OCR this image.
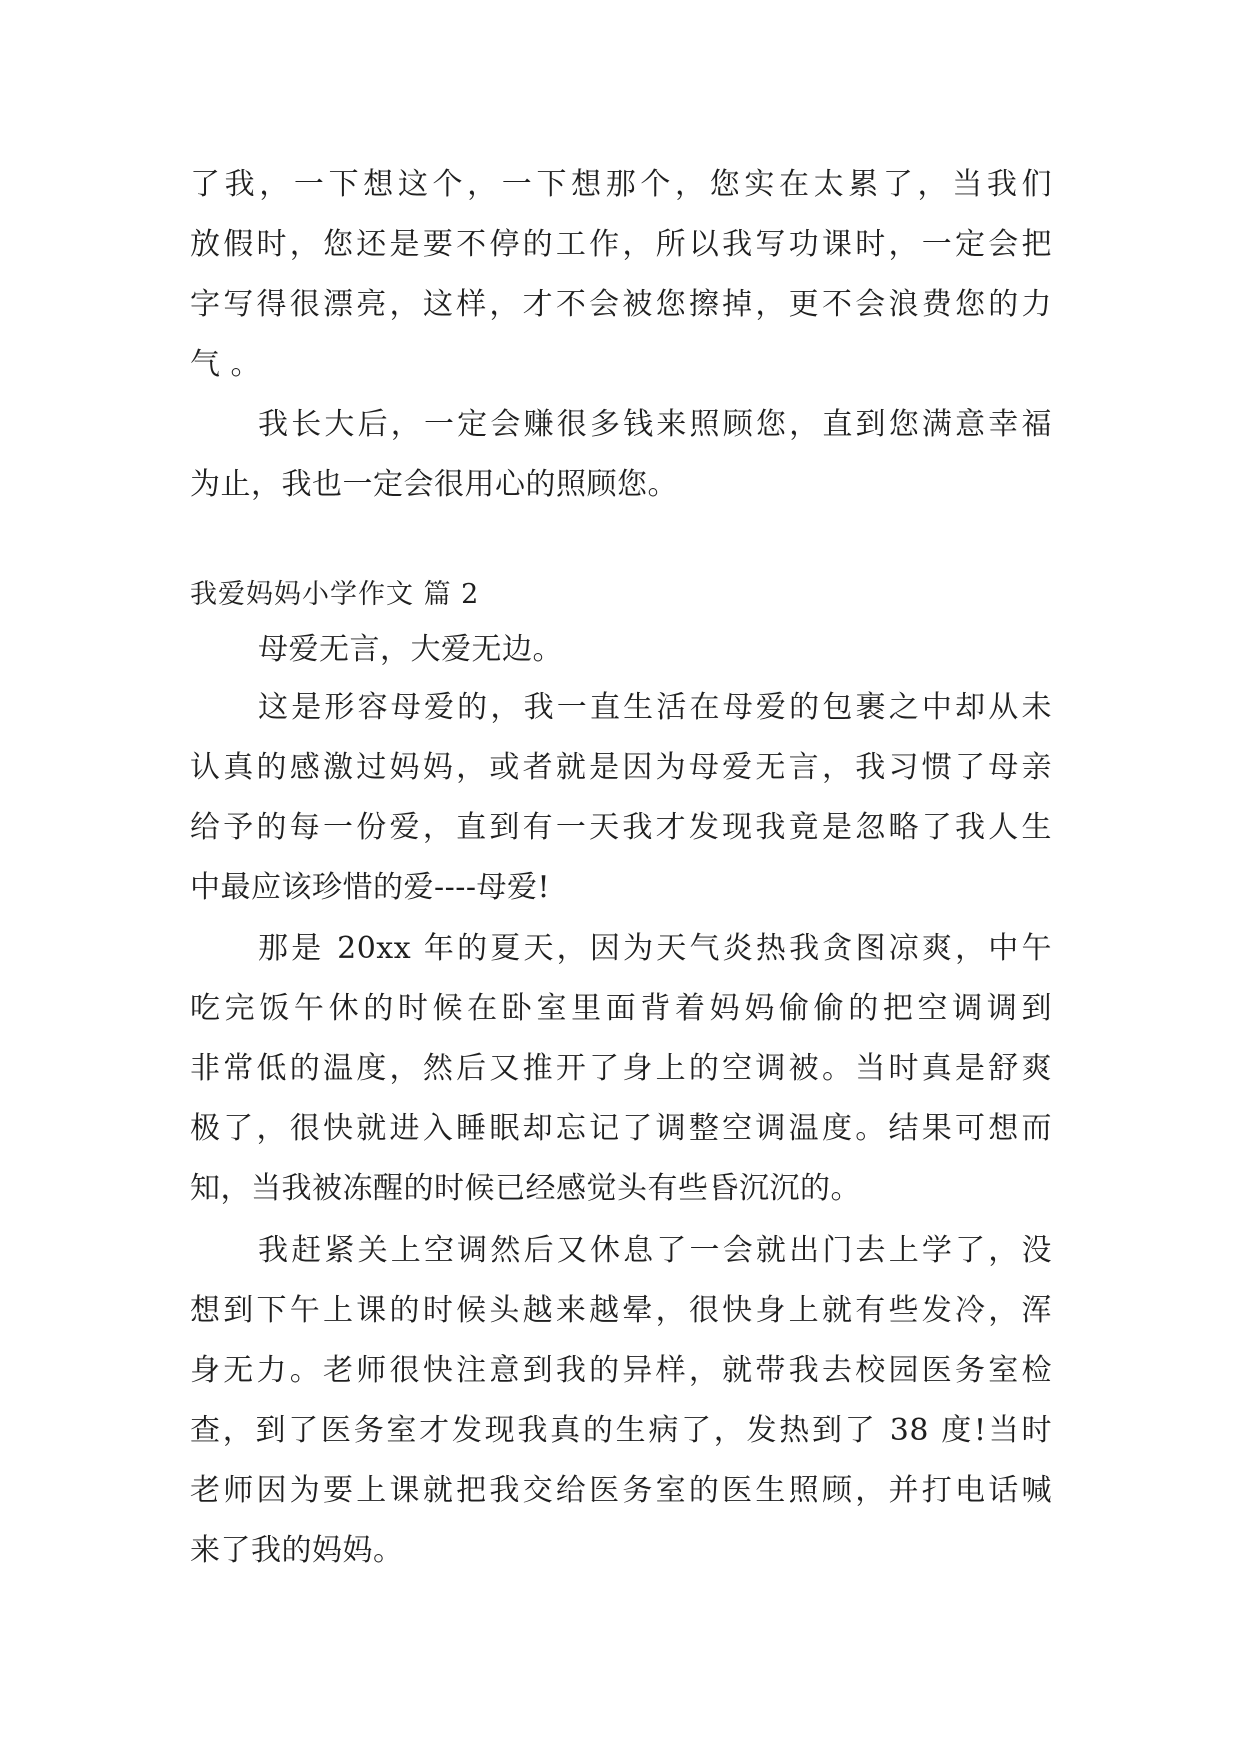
了我，一下想这个，一下想那个，您实在太累了，当我们
放假时，您还是要不停的工作，所以我写功课时，一定会把
字写得很漂亮，这样，才不会被您擦掉，更不会浪费您的力
气 。
我长大后，一定会赚很多钱来照顾您，直到您满意幸福
为止，我也一定会很用心的照顾您。
我爱妈妈小学作文 篇 2
母爱无言，大爱无边。
这是形容母爱的，我一直生活在母爱的包裹之中却从未
认真的感激过妈妈，或者就是因为母爱无言，我习惯了母亲
给予的每一份爱，直到有一天我才发现我竟是忽略了我人生
中最应该珍惜的爱----母爱!
那是 20xx 年的夏天，因为天气炎热我贪图凉爽，中午
吃完饭午休的时候在卧室里面背着妈妈偷偷的把空调调到
非常低的温度，然后又推开了身上的空调被。当时真是舒爽
极了，很快就进入睡眠却忘记了调整空调温度。结果可想而
知，当我被冻醒的时候已经感觉头有些昏沉沉的。
我赶紧关上空调然后又休息了一会就出门去上学了，没
想到下午上课的时候头越来越晕，很快身上就有些发冷，浑
身无力。老师很快注意到我的异样，就带我去校园医务室检
查，到了医务室才发现我真的生病了，发热到了 38 度!当时
老师因为要上课就把我交给医务室的医生照顾，并打电话喊
来了我的妈妈。
